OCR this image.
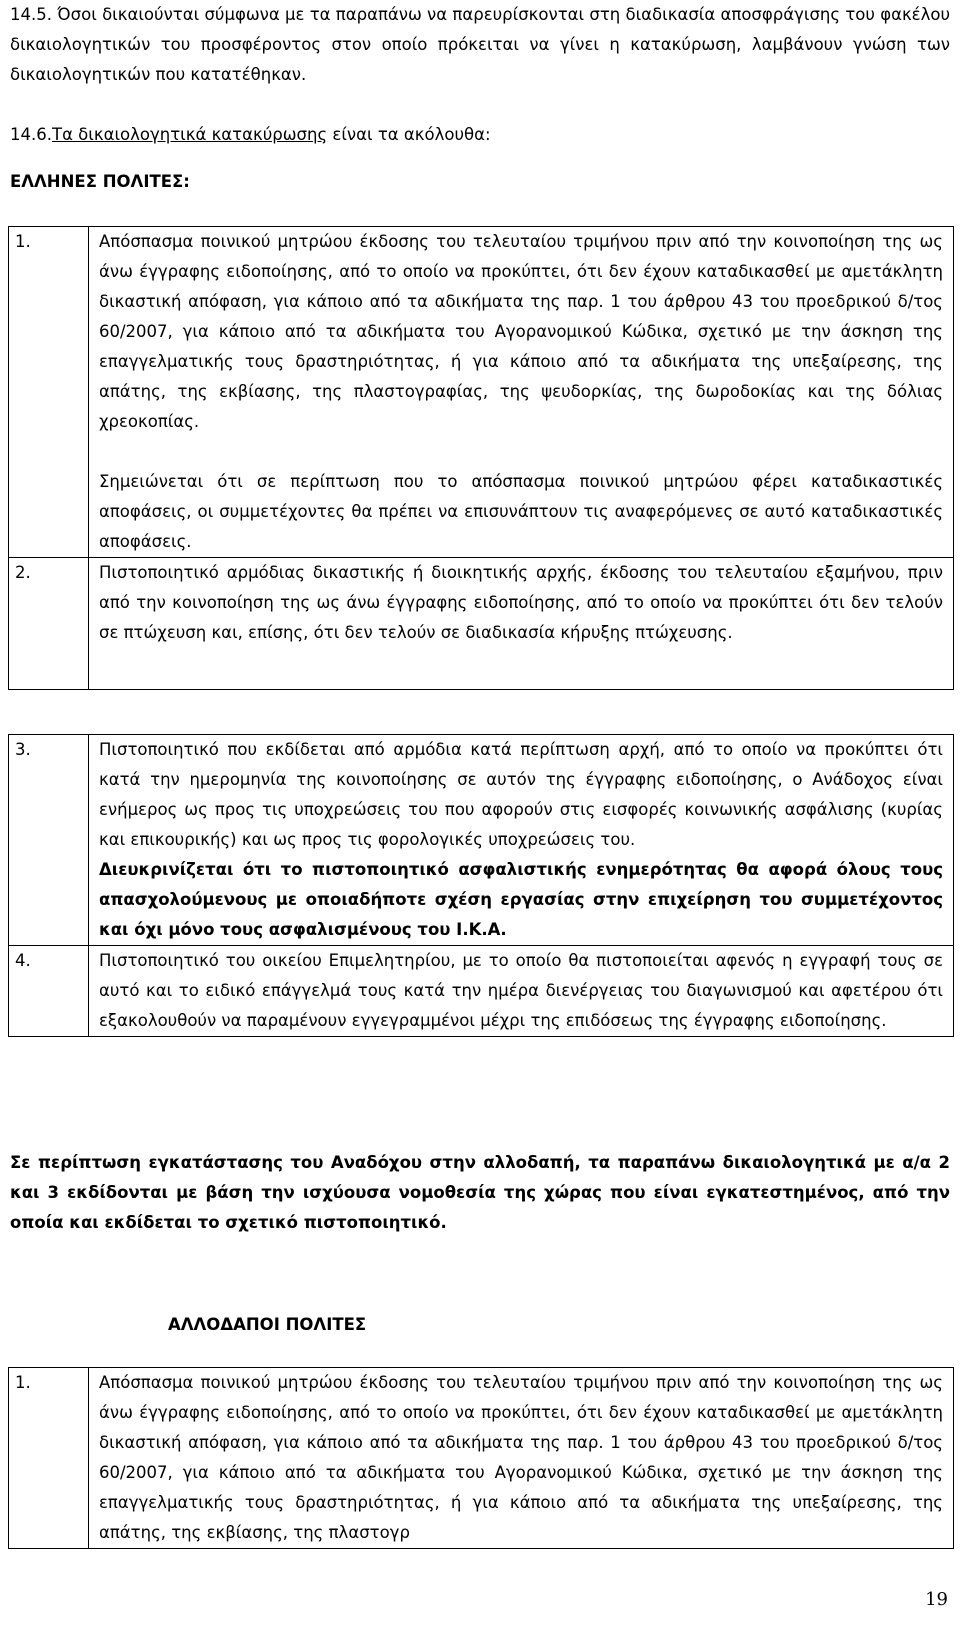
14.5. Όσοι δικαιούνται σύμφωνα με τα παραπάνω να παρευρίσκονται στη διαδικασία αποσφράγισης του φακέλου δικαιολογητικών του προσφέροντος στον οποίο πρόκειται να γίνει η κατακύρωση, λαμβάνουν γνώση των δικαιολογητικών που κατατέθηκαν.

14.6.Τα δικαιολογητικά κατακύρωσης είναι τα ακόλουθα:

ΕΛΛΗΝΕΣ ΠΟΛΙΤΕΣ:

1.	Απόσπασμα ποινικού μητρώου έκδοσης του τελευταίου τριμήνου πριν από την κοινοποίηση της ως άνω έγγραφης ειδοποίησης, από το οποίο να προκύπτει, ότι δεν έχουν καταδικασθεί με αμετάκλητη δικαστική απόφαση, για κάποιο από τα αδικήματα της παρ. 1 του άρθρου 43 του προεδρικού δ/τος 60/2007, για κάποιο από τα αδικήματα του Αγορανομικού Κώδικα, σχετικό με την άσκηση της επαγγελματικής τους δραστηριότητας, ή για κάποιο από τα αδικήματα της υπεξαίρεσης, της απάτης, της εκβίασης, της πλαστογραφίας, της ψευδορκίας, της δωροδοκίας και της δόλιας χρεοκοπίας.

Σημειώνεται ότι σε περίπτωση που το απόσπασμα ποινικού μητρώου φέρει καταδικαστικές αποφάσεις, οι συμμετέχοντες θα πρέπει να επισυνάπτουν τις αναφερόμενες σε αυτό καταδικαστικές αποφάσεις.

2.	Πιστοποιητικό αρμόδιας δικαστικής ή διοικητικής αρχής, έκδοσης του τελευταίου εξαμήνου, πριν από την κοινοποίηση της ως άνω έγγραφης ειδοποίησης, από το οποίο να προκύπτει ότι δεν τελούν σε πτώχευση και, επίσης, ότι δεν τελούν σε διαδικασία κήρυξης πτώχευσης.

3.	Πιστοποιητικό που εκδίδεται από αρμόδια κατά περίπτωση αρχή, από το οποίο να προκύπτει ότι κατά την ημερομηνία της κοινοποίησης σε αυτόν της έγγραφης ειδοποίησης, ο Ανάδοχος είναι ενήμερος ως προς τις υποχρεώσεις του που αφορούν στις εισφορές κοινωνικής ασφάλισης (κυρίας και επικουρικής) και ως προς τις φορολογικές υποχρεώσεις του.

Διευκρινίζεται ότι το πιστοποιητικό ασφαλιστικής ενημερότητας θα αφορά όλους τους απασχολούμενους με οποιαδήποτε σχέση εργασίας στην επιχείρηση του συμμετέχοντος και όχι μόνο τους ασφαλισμένους του Ι.Κ.Α.

4.	Πιστοποιητικό του οικείου Επιμελητηρίου, με το οποίο θα πιστοποιείται αφενός η εγγραφή τους σε αυτό και το ειδικό επάγγελμά τους κατά την ημέρα διενέργειας του διαγωνισμού και αφετέρου ότι εξακολουθούν να παραμένουν εγγεγραμμένοι μέχρι της επιδόσεως της έγγραφης ειδοποίησης.

Σε περίπτωση εγκατάστασης του Αναδόχου στην αλλοδαπή, τα παραπάνω δικαιολογητικά με α/α 2 και 3 εκδίδονται με βάση την ισχύουσα νομοθεσία της χώρας που είναι εγκατεστημένος, από την οποία και εκδίδεται το σχετικό πιστοποιητικό.

ΑΛΛΟΔΑΠΟΙ ΠΟΛΙΤΕΣ

1.	Απόσπασμα ποινικού μητρώου έκδοσης του τελευταίου τριμήνου πριν από την κοινοποίηση της ως άνω έγγραφης ειδοποίησης, από το οποίο να προκύπτει, ότι δεν έχουν καταδικασθεί με αμετάκλητη δικαστική απόφαση, για κάποιο από τα αδικήματα της παρ. 1 του άρθρου 43 του προεδρικού δ/τος 60/2007, για κάποιο από τα αδικήματα του Αγορανομικού Κώδικα, σχετικό με την άσκηση της επαγγελματικής τους δραστηριότητας, ή για κάποιο από τα αδικήματα της υπεξαίρεσης, της απάτης, της εκβίασης, της πλαστογρ

19
